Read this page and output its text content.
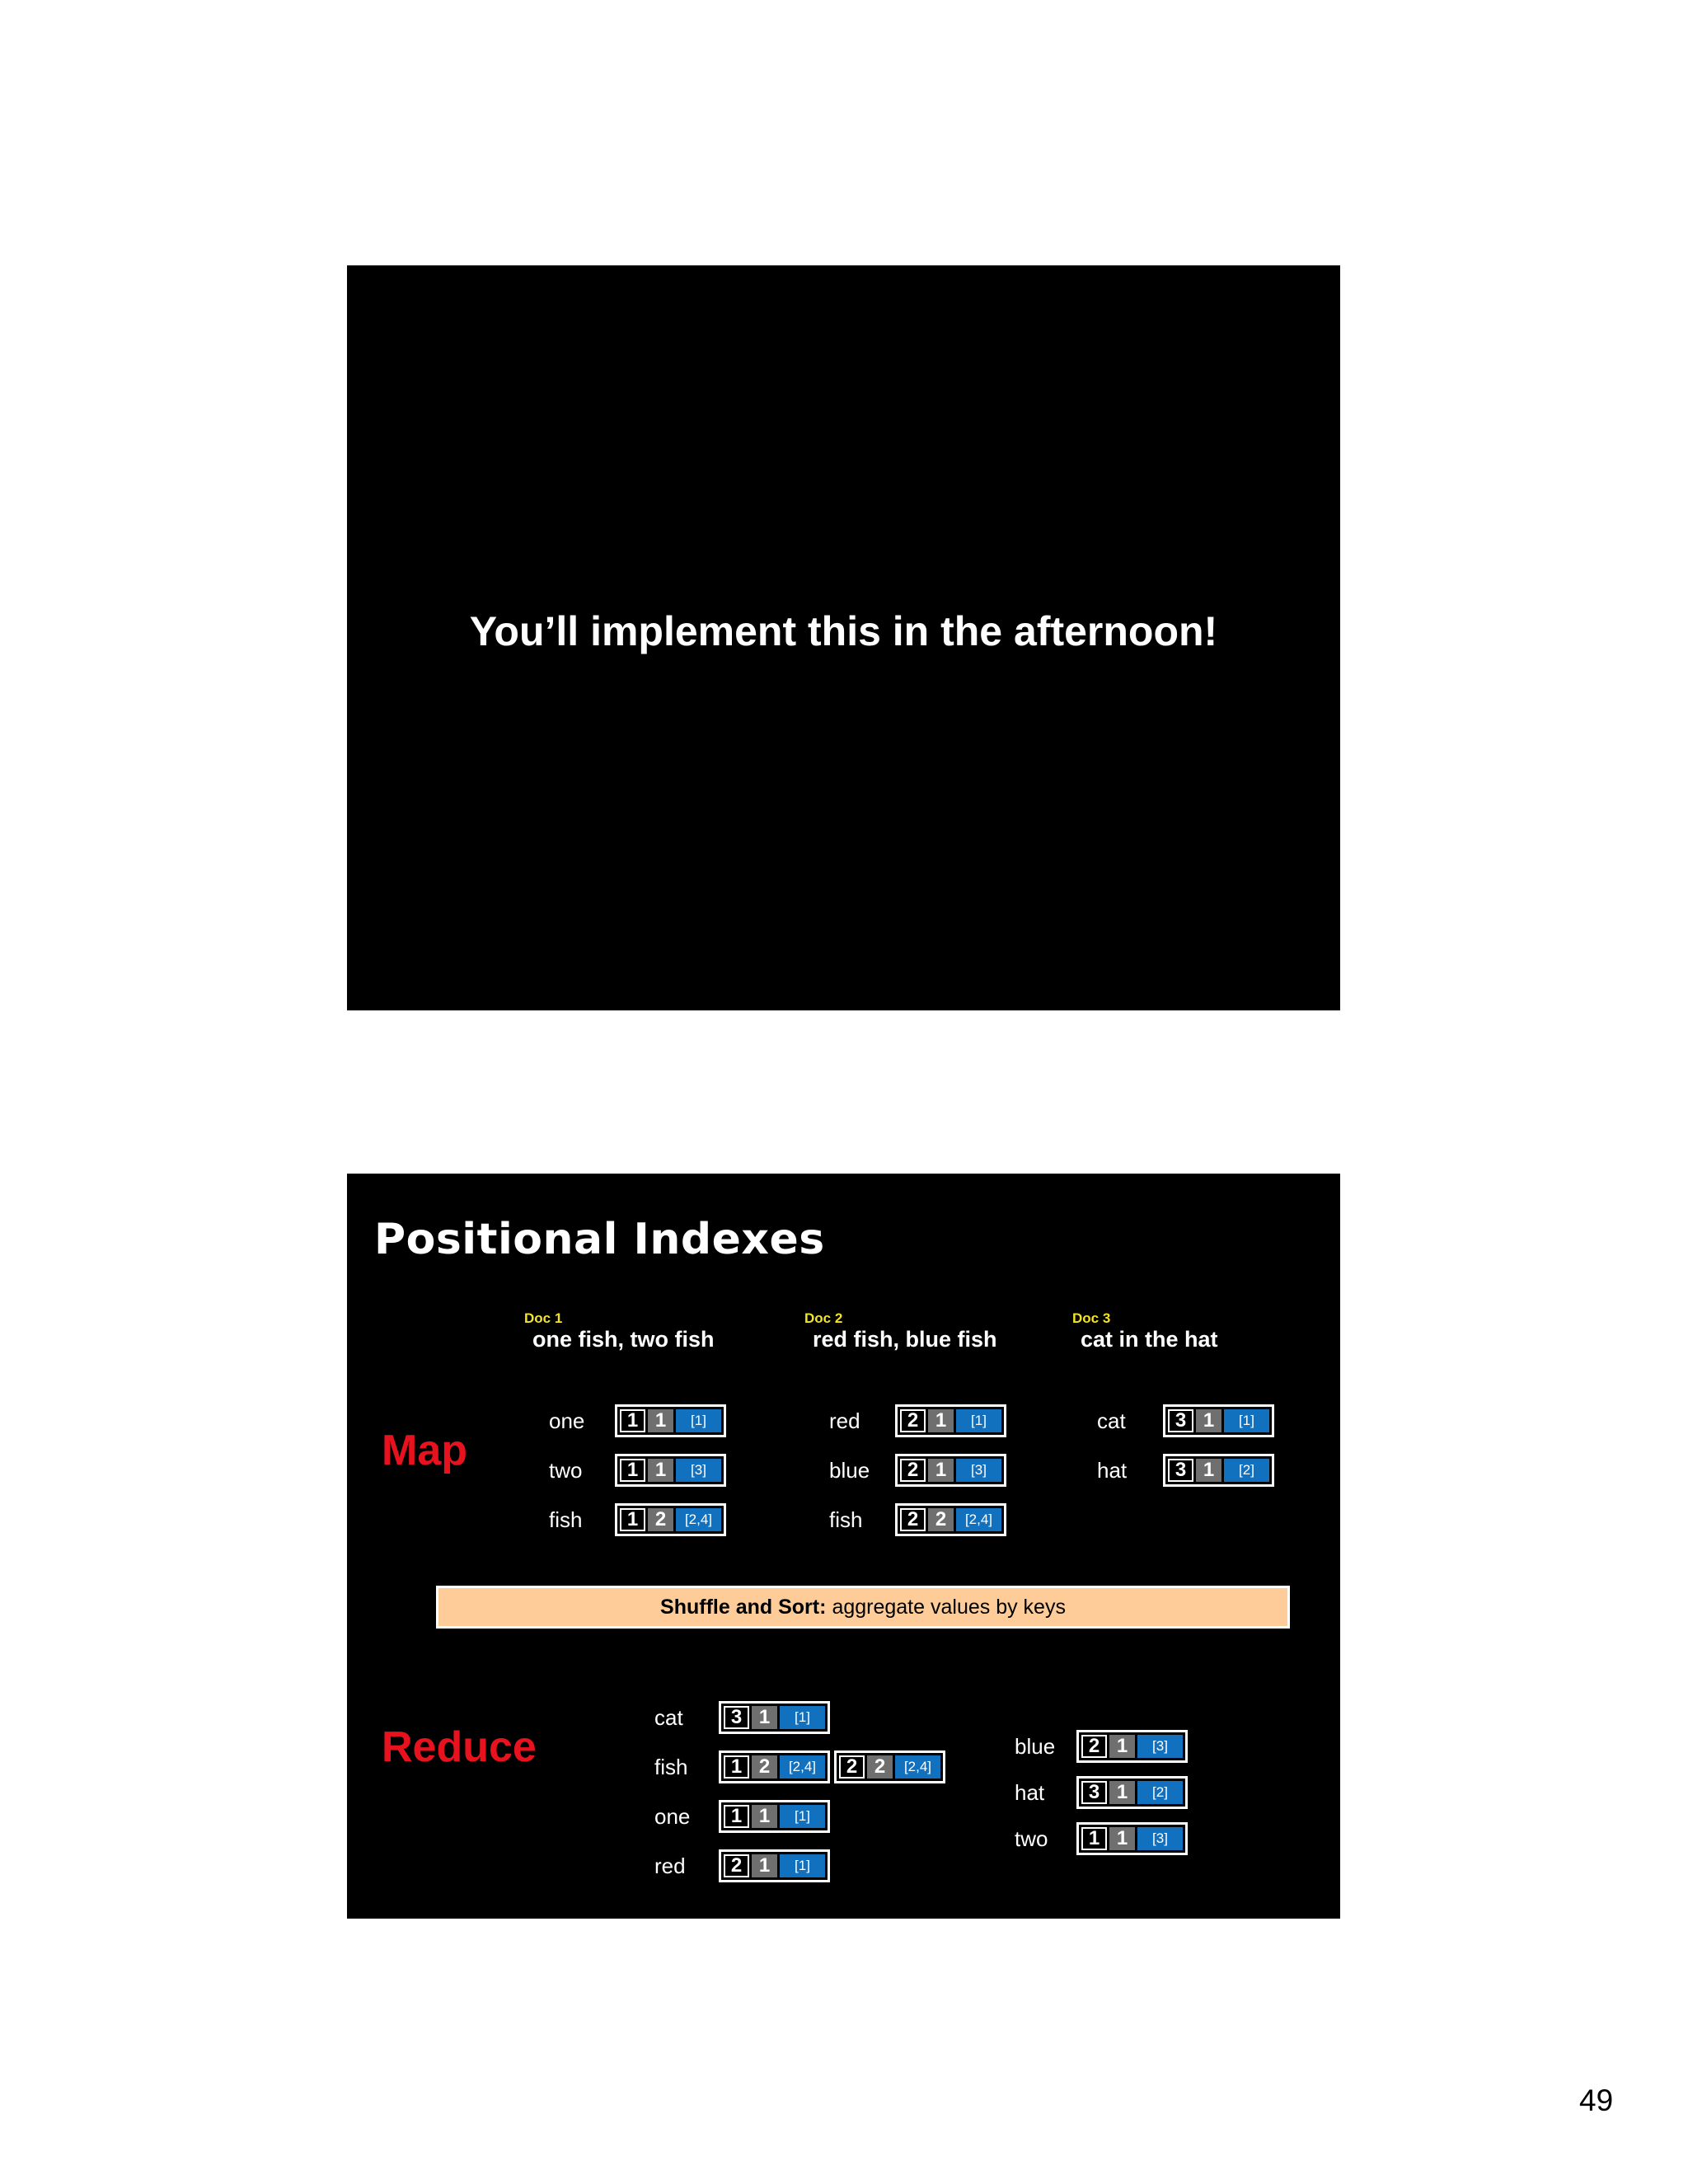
You’ll implement this in the afternoon!
Positional Indexes
Map
Reduce
Doc 1
one fish, two fish
one	1 1	[1]
two	1 1	[3]
fish	1 2	[2,4]
Doc 2
red fish, blue fish
red	2 1	[1]
blue	2 1	[3]
fish	2 2	[2,4]
Doc 3
cat in the hat
cat	3 1	[1]
hat	3 1	[2]
Shuffle and Sort: aggregate values by keys
cat	3 1	[1]
fish	1 2	[2,4]	2 2	[2,4]
one	1 1	[1]
red	2 1	[1]
blue	2 1	[3]
hat	3 1	[2]
two	1 1	[3]
49
